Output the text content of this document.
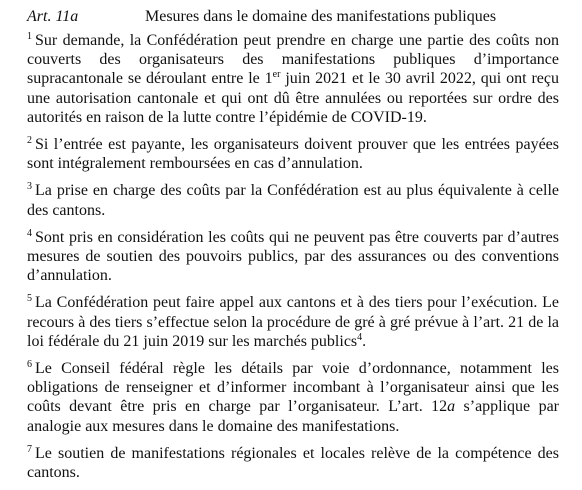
Art. 11a	Mesures dans le domaine des manifestations publiques

$^1$ Sur demande, la Confédération peut prendre en charge une partie des coûts non couverts des organisateurs des manifestations publiques d’importance supracantonale se déroulant entre le 1er juin 2021 et le 30 avril 2022, qui ont reçu une autorisation cantonale et qui ont dû être annulées ou reportées sur ordre des autorités en raison de la lutte contre l’épidémie de COVID-19.

$^2$ Si l’entrée est payante, les organisateurs doivent prouver que les entrées payées sont intégralement remboursées en cas d’annulation.

$^3$ La prise en charge des coûts par la Confédération est au plus équivalente à celle des cantons.

$^4$ Sont pris en considération les coûts qui ne peuvent pas être couverts par d’autres mesures de soutien des pouvoirs publics, par des assurances ou des conventions d’annulation.

$^5$ La Confédération peut faire appel aux cantons et à des tiers pour l’exécution. Le recours à des tiers s’effectue selon la procédure de gré à gré prévue à l’art. 21 de la loi fédérale du 21 juin 2019 sur les marchés publics$^4$.

$^6$ Le Conseil fédéral règle les détails par voie d’ordonnance, notamment les obligations de renseigner et d’informer incombant à l’organisateur ainsi que les coûts devant être pris en charge par l’organisateur. L’art. 12a s’applique par analogie aux mesures dans le domaine des manifestations.

$^7$ Le soutien de manifestations régionales et locales relève de la compétence des cantons.
